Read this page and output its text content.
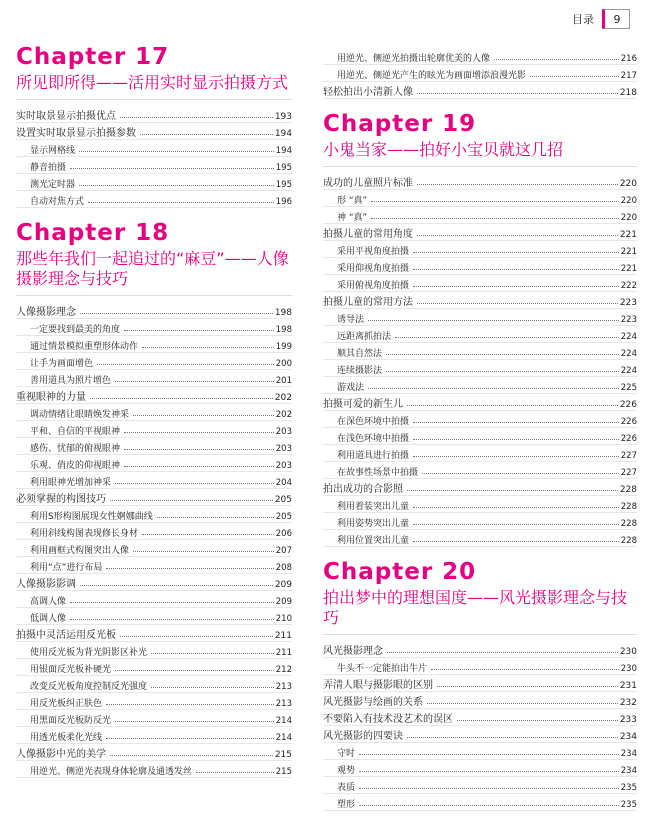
目录	9
Chapter 17
所见即所得——活用实时显示拍摄方式
实时取景显示拍摄优点	193
设置实时取景显示拍摄参数	194
显示网格线	194
静音拍摄	195
测光定时器	195
自动对焦方式	196
Chapter 18
那些年我们一起追过的“麻豆”——人像摄影理念与技巧
人像摄影理念	198
一定要找到最美的角度	198
通过情景模拟重塑形体动作	199
让手为画面增色	200
善用道具为照片增色	201
重视眼神的力量	202
调动情绪让眼睛焕发神采	202
平和、自信的平视眼神	203
感伤、忧郁的俯视眼神	203
乐观、俏皮的仰视眼神	203
利用眼神光增加神采	204
必须掌握的构图技巧	205
利用S形构图展现女性婀娜曲线	205
利用斜线构图表现修长身材	206
利用画框式构图突出人像	207
利用“点”进行布局	208
人像摄影影调	209
高调人像	209
低调人像	210
拍摄中灵活运用反光板	211
使用反光板为背光阴影区补光	211
用银面反光板补硬光	212
改变反光板角度控制反光强度	213
用反光板纠正肤色	213
用黑面反光板防反光	214
用透光板柔化光线	214
人像摄影中光的美学	215
用逆光、侧逆光表现身体轮廓及通透发丝	215
用逆光、侧逆光拍摄出轮廓优美的人像	216
用逆光、侧逆光产生的眩光为画面增添浪漫光影	217
轻松拍出小清新人像	218
Chapter 19
小鬼当家——拍好小宝贝就这几招
成功的儿童照片标准	220
形 “真”	220
神 “真”	220
拍摄儿童的常用角度	221
采用平视角度拍摄	221
采用仰视角度拍摄	221
采用俯视角度拍摄	222
拍摄儿童的常用方法	223
诱导法	223
远距离抓拍法	224
顺其自然法	224
连续摄影法	224
游戏法	225
拍摄可爱的新生儿	226
在深色环境中拍摄	226
在浅色环境中拍摄	226
利用道具进行拍摄	227
在故事性场景中拍摄	227
拍出成功的合影照	228
利用着装突出儿童	228
利用姿势突出儿童	228
利用位置突出儿童	228
Chapter 20
拍出梦中的理想国度——风光摄影理念与技巧
风光摄影理念	230
牛头不一定能拍出牛片	230
弄清人眼与摄影眼的区别	231
风光摄影与绘画的关系	232
不要陷入有技术没艺术的误区	233
风光摄影的四要诀	234
守时	234
观势	234
表质	235
塑形	235
